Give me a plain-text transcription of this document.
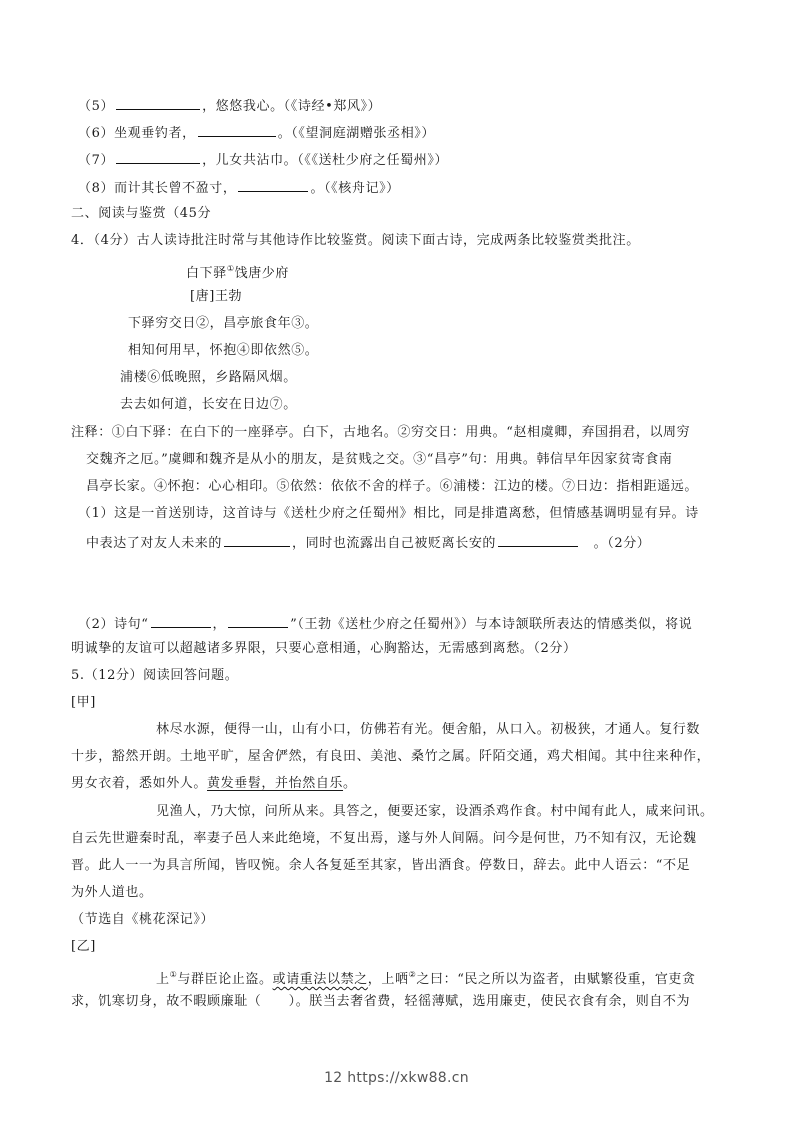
（5）	，悠悠我心。（《诗经•郑风》）
（6）坐观垂钓者，	。（《望洞庭湖赠张丞相》）
（7）	，儿女共沾巾。（《《送杜少府之任蜀州》）
（8）而计其长曾不盈寸，	。（《核舟记》）
二、阅读与鉴赏（45分
4．（4分）古人读诗批注时常与其他诗作比较鉴赏。阅读下面古诗，完成两条比较鉴赏类批注。
白下驿①饯唐少府
[唐]王勃
下驿穷交日②，昌亭旅食年③。
相知何用早，怀抱④即依然⑤。
浦楼⑥低晚照，乡路隔风烟。
去去如何道，长安在日边⑦。
注释：①白下驿：在白下的一座驿亭。白下，古地名。②穷交日：用典。“赵相虞卿，弃国捐君，以周穷
交魏齐之厄。”虞卿和魏齐是从小的朋友，是贫贱之交。③“昌亭”句：用典。韩信早年因家贫寄食南
昌亭长家。④怀抱：心心相印。⑤依然：依依不舍的样子。⑥浦楼：江边的楼。⑦日边：指相距遥远。
（1）这是一首送别诗，这首诗与《送杜少府之任蜀州》相比，同是排遣离愁，但情感基调明显有异。诗
中表达了对友人未来的	，同时也流露出自己被贬离长安的	　。（2分）
（2）诗句“	，	”（王勃《送杜少府之任蜀州》）与本诗颔联所表达的情感类似，将说
明诚挚的友谊可以超越诸多界限，只要心意相通，心胸豁达，无需感到离愁。（2分）
5.（12分）阅读回答问题。
[甲]
林尽水源，便得一山，山有小口，仿佛若有光。便舍船，从口入。初极狭，才通人。复行数
十步，豁然开朗。土地平旷，屋舍俨然，有良田、美池、桑竹之属。阡陌交通，鸡犬相闻。其中往来种作，
男女衣着，悉如外人。黄发垂髫，并怡然自乐。
见渔人，乃大惊，问所从来。具答之，便要还家，设酒杀鸡作食。村中闻有此人，咸来问讯。
自云先世避秦时乱，率妻子邑人来此绝境，不复出焉，遂与外人间隔。问今是何世，乃不知有汉，无论魏
晋。此人一一为具言所闻，皆叹惋。余人各复延至其家，皆出酒食。停数日，辞去。此中人语云：“不足
为外人道也。
（节选自《桃花深记》）
[乙]
上①与群臣论止盗。或请重法以禁之，上哂②之曰：“民之所以为盗者，由赋繁役重，官吏贪
求，饥寒切身，故不暇顾廉耻（　　）。朕当去奢省费，轻徭薄赋，选用廉吏，使民衣食有余，则自不为
12 https://xkw88.cn
